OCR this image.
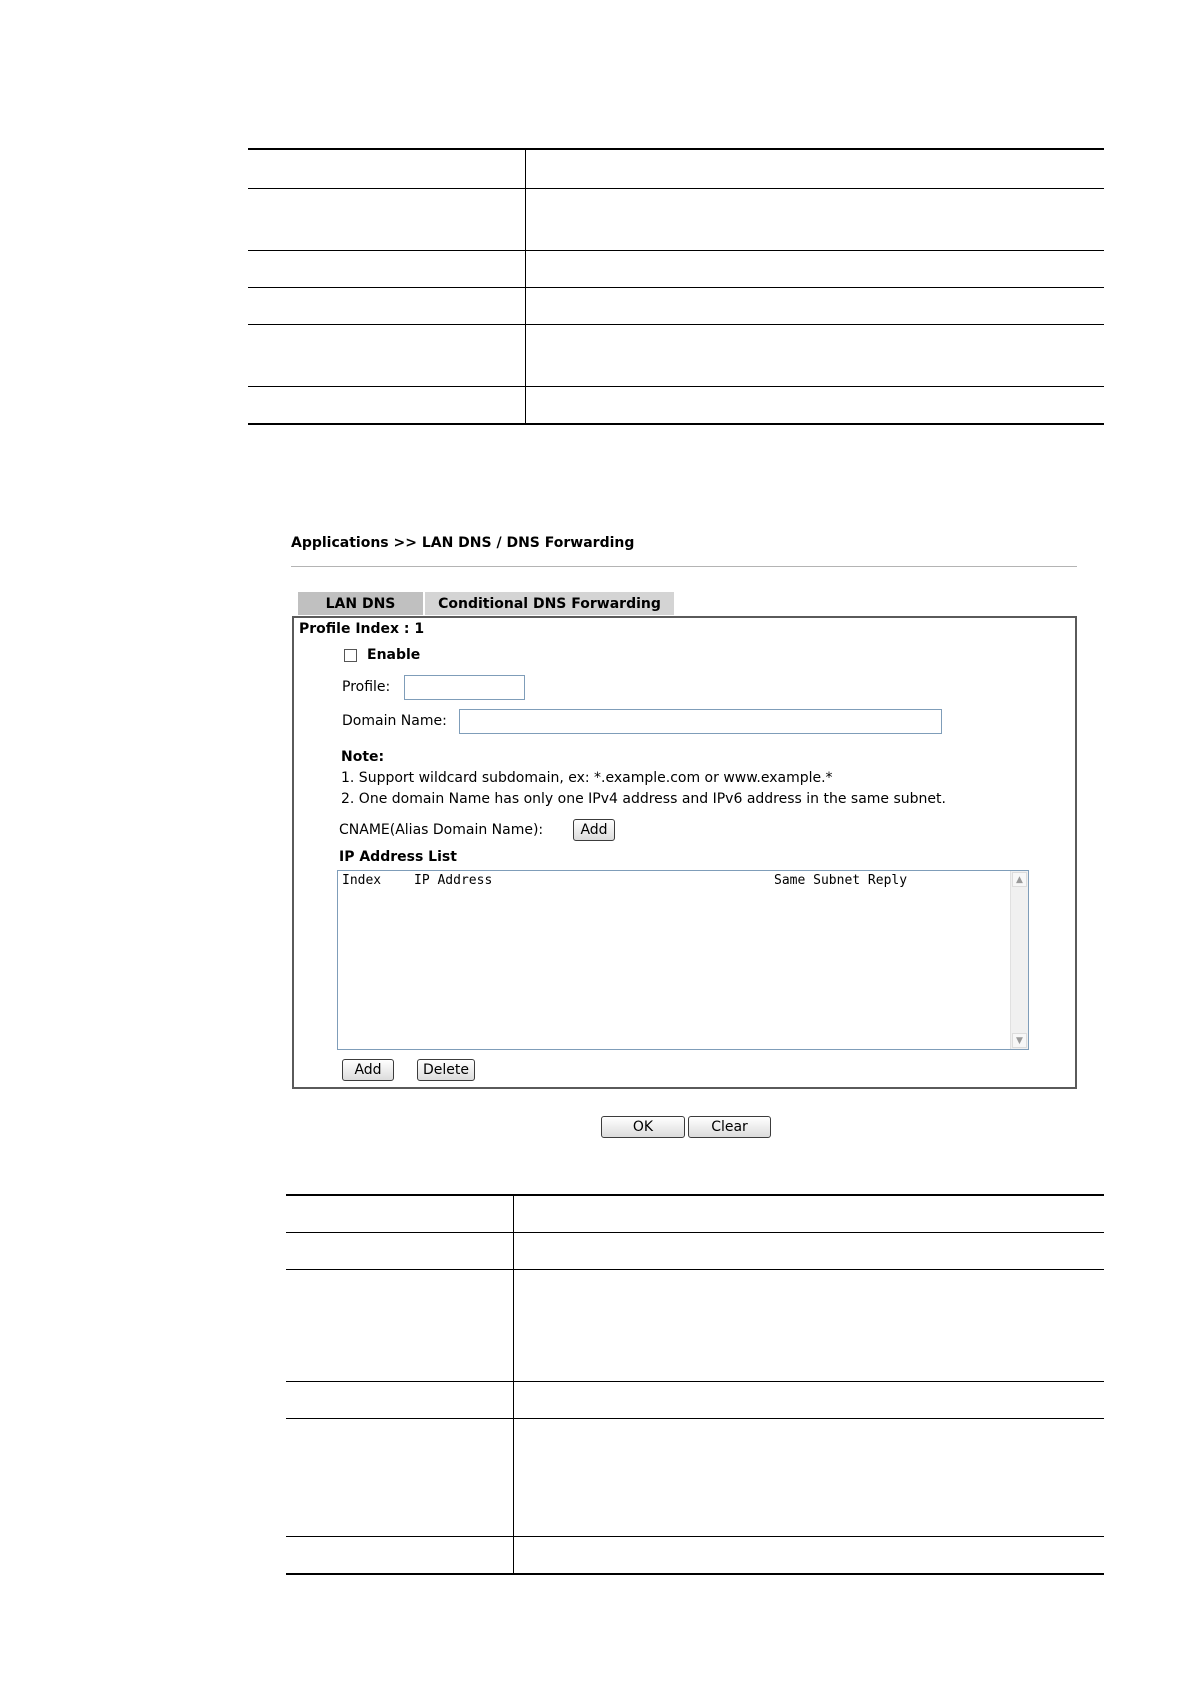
Applications >> LAN DNS / DNS Forwarding
LAN DNS	Conditional DNS Forwarding
Profile Index : 1
Enable
Profile:
Domain Name:
Note:
1. Support wildcard subdomain, ex: *.example.com or www.example.*
2. One domain Name has only one IPv4 address and IPv6 address in the same subnet.
CNAME(Alias Domain Name):	Add
IP Address List
Index	IP Address	Same Subnet Reply	▲
▼
Add	Delete
OK	Clear
